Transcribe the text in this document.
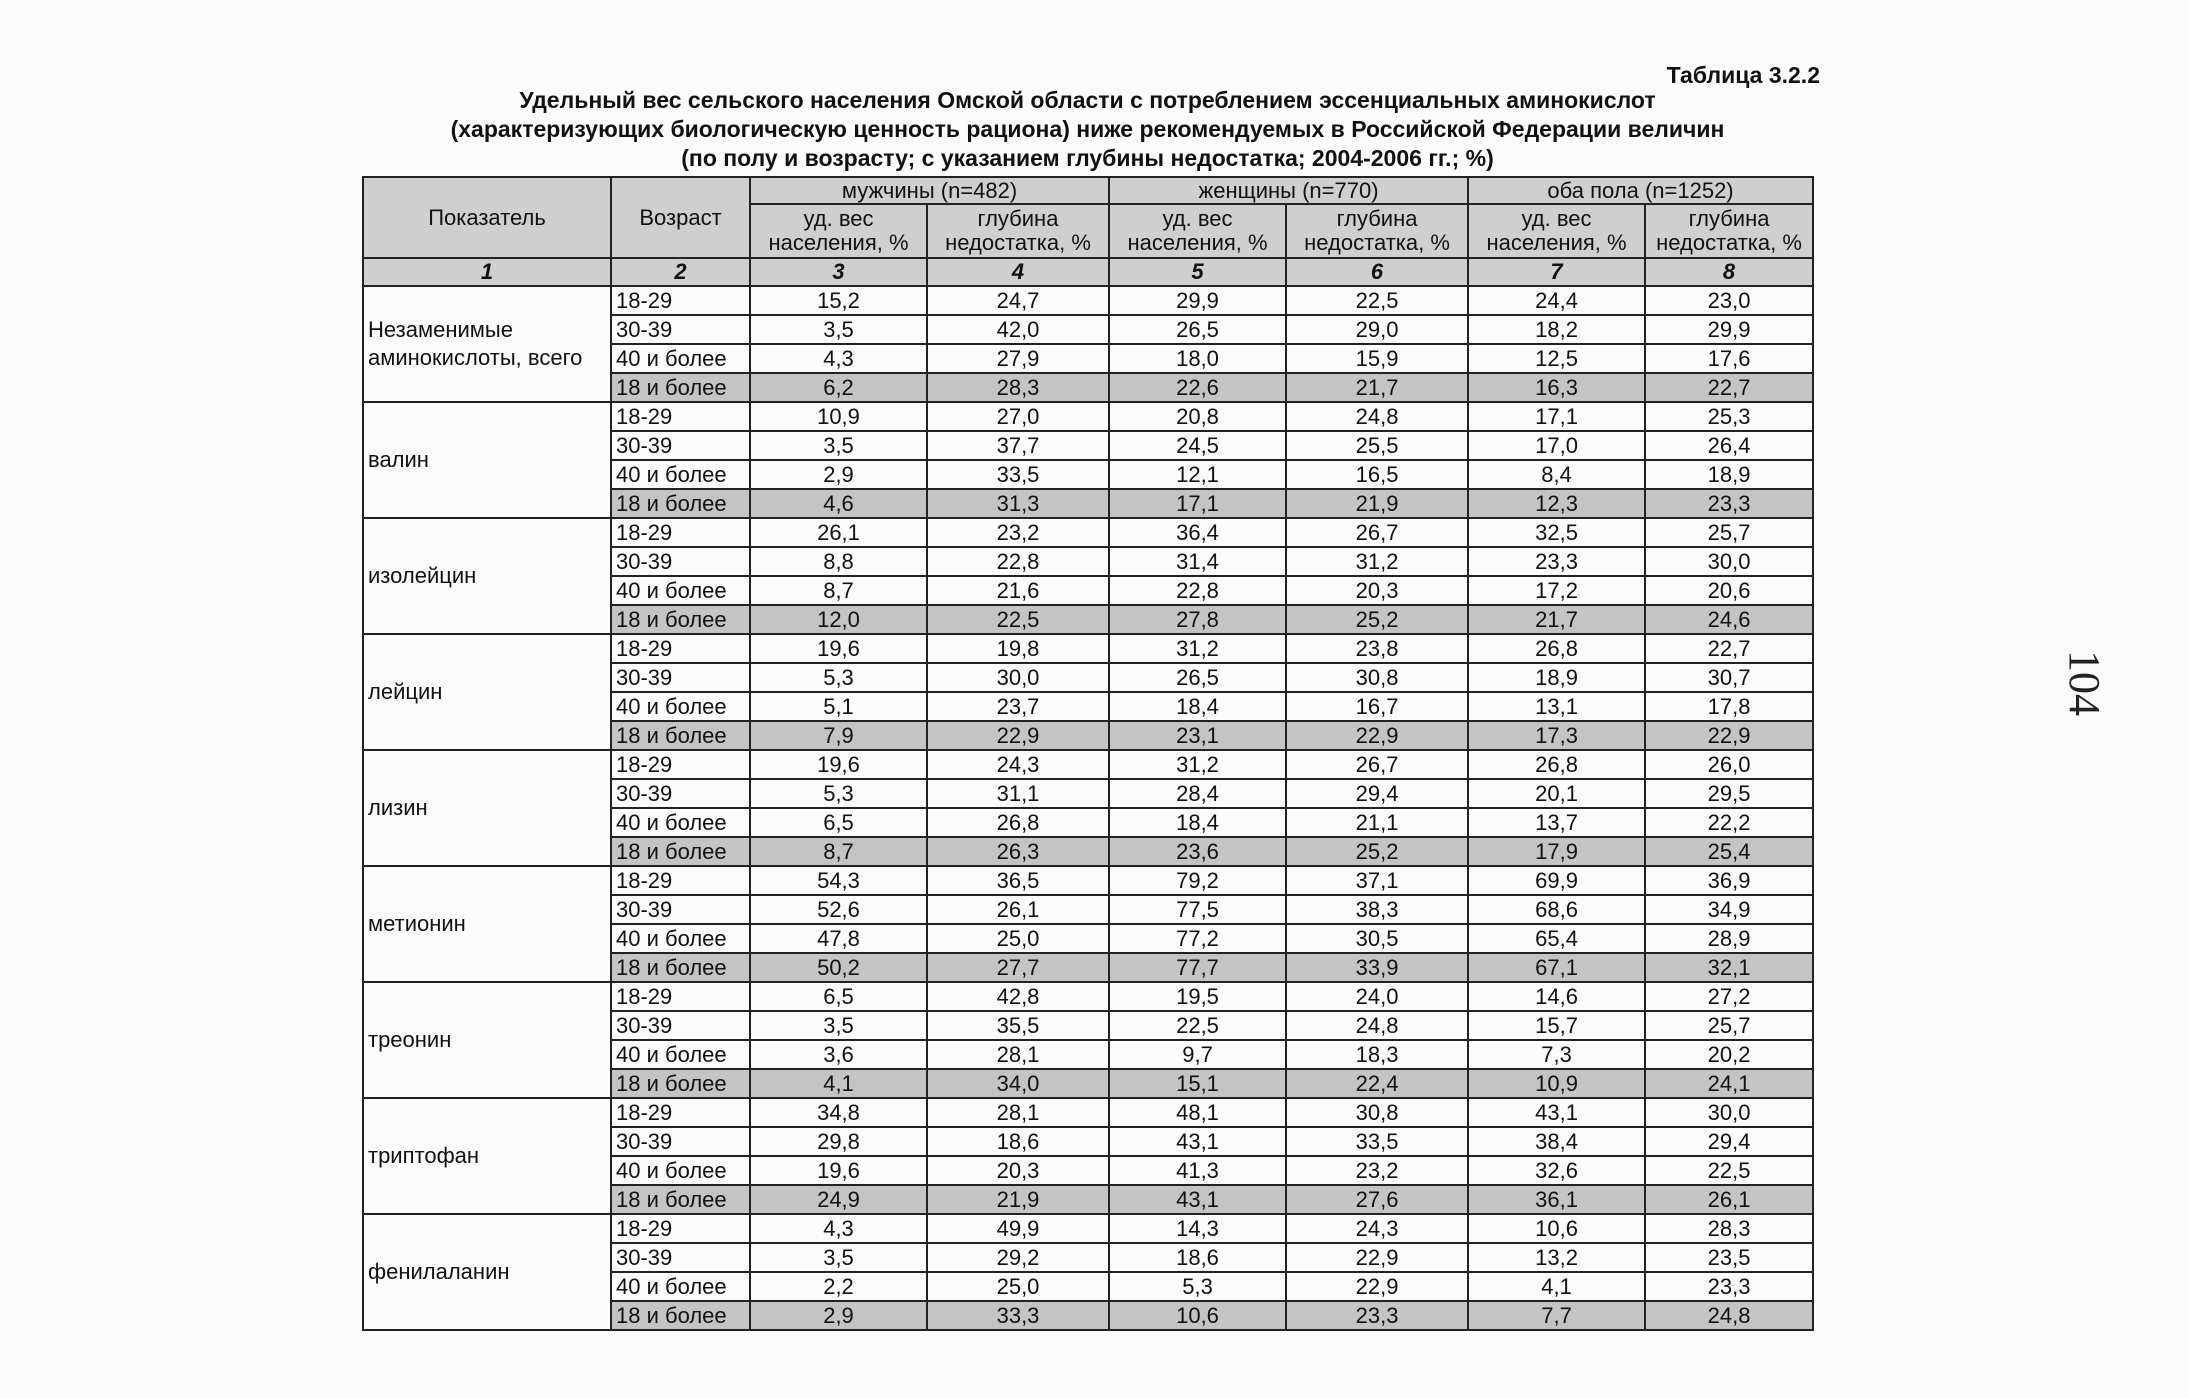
104
Таблица 3.2.2
Удельный вес сельского населения Омской области с потреблением эссенциальных аминокислот
(характеризующих биологическую ценность рациона) ниже рекомендуемых в Российской Федерации величин
(по полу и возрасту; с указанием глубины недостатка; 2004-2006 гг.; %)
Показатель	Возраст	мужчины (n=482)		женщины (n=770)		оба пола (n=1252)	
		уд. вес населения, %	глубина недостатка, %	уд. вес населения, %	глубина недостатка, %	уд. вес населения, %	глубина недостатка, %
1	2	3	4	5	6	7	8
Незаменимые аминокислоты, всего	18-29	15,2	24,7	29,9	22,5	24,4	23,0
	30-39	3,5	42,0	26,5	29,0	18,2	29,9
	40 и более	4,3	27,9	18,0	15,9	12,5	17,6
	18 и более	6,2	28,3	22,6	21,7	16,3	22,7
валин	18-29	10,9	27,0	20,8	24,8	17,1	25,3
	30-39	3,5	37,7	24,5	25,5	17,0	26,4
	40 и более	2,9	33,5	12,1	16,5	8,4	18,9
	18 и более	4,6	31,3	17,1	21,9	12,3	23,3
изолейцин	18-29	26,1	23,2	36,4	26,7	32,5	25,7
	30-39	8,8	22,8	31,4	31,2	23,3	30,0
	40 и более	8,7	21,6	22,8	20,3	17,2	20,6
	18 и более	12,0	22,5	27,8	25,2	21,7	24,6
лейцин	18-29	19,6	19,8	31,2	23,8	26,8	22,7
	30-39	5,3	30,0	26,5	30,8	18,9	30,7
	40 и более	5,1	23,7	18,4	16,7	13,1	17,8
	18 и более	7,9	22,9	23,1	22,9	17,3	22,9
лизин	18-29	19,6	24,3	31,2	26,7	26,8	26,0
	30-39	5,3	31,1	28,4	29,4	20,1	29,5
	40 и более	6,5	26,8	18,4	21,1	13,7	22,2
	18 и более	8,7	26,3	23,6	25,2	17,9	25,4
метионин	18-29	54,3	36,5	79,2	37,1	69,9	36,9
	30-39	52,6	26,1	77,5	38,3	68,6	34,9
	40 и более	47,8	25,0	77,2	30,5	65,4	28,9
	18 и более	50,2	27,7	77,7	33,9	67,1	32,1
треонин	18-29	6,5	42,8	19,5	24,0	14,6	27,2
	30-39	3,5	35,5	22,5	24,8	15,7	25,7
	40 и более	3,6	28,1	9,7	18,3	7,3	20,2
	18 и более	4,1	34,0	15,1	22,4	10,9	24,1
триптофан	18-29	34,8	28,1	48,1	30,8	43,1	30,0
	30-39	29,8	18,6	43,1	33,5	38,4	29,4
	40 и более	19,6	20,3	41,3	23,2	32,6	22,5
	18 и более	24,9	21,9	43,1	27,6	36,1	26,1
фенилаланин	18-29	4,3	49,9	14,3	24,3	10,6	28,3
	30-39	3,5	29,2	18,6	22,9	13,2	23,5
	40 и более	2,2	25,0	5,3	22,9	4,1	23,3
	18 и более	2,9	33,3	10,6	23,3	7,7	24,8
